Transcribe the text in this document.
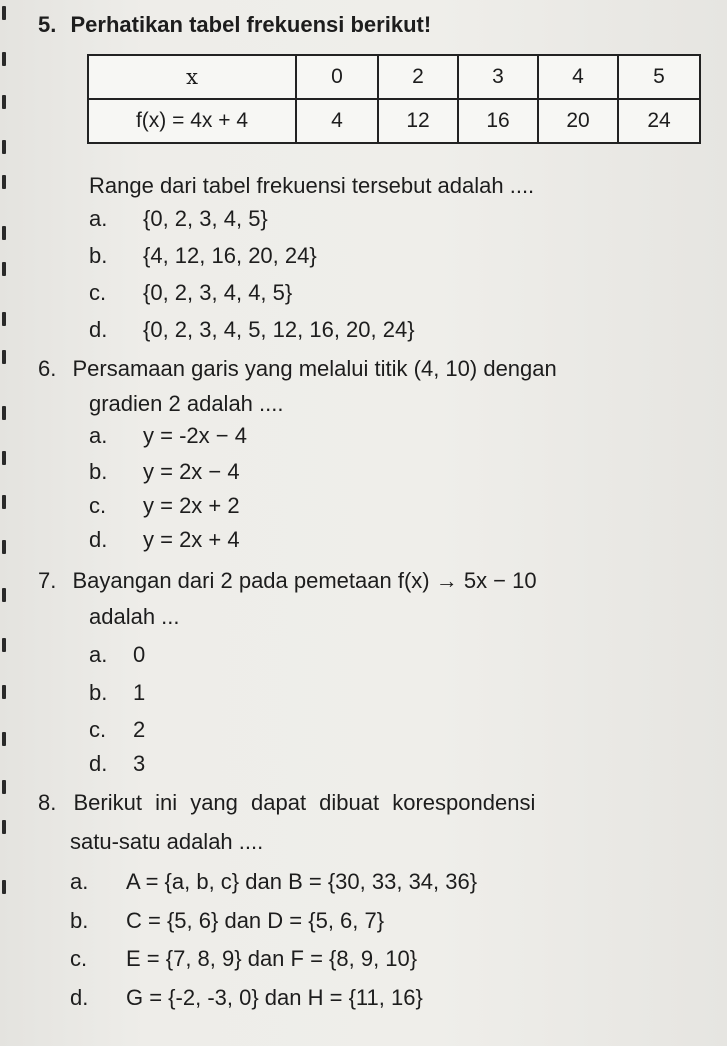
5. Perhatikan tabel frekuensi berikut!
x	0	2	3	4	5
f(x) = 4x + 4	4	12	16	20	24
Range dari tabel frekuensi tersebut adalah ....
a. {0, 2, 3, 4, 5}
b. {4, 12, 16, 20, 24}
c. {0, 2, 3, 4, 4, 5}
d. {0, 2, 3, 4, 5, 12, 16, 20, 24}
6. Persamaan garis yang melalui titik (4, 10) dengan
gradien 2 adalah ....
a. y = -2x − 4
b. y = 2x − 4
c. y = 2x + 2
d. y = 2x + 4
7. Bayangan dari 2 pada pemetaan f(x) → 5x − 10
adalah ...
a. 0
b. 1
c. 2
d. 3
8. Berikut ini yang dapat dibuat korespondensi
satu-satu adalah ....
a. A = {a, b, c} dan B = {30, 33, 34, 36}
b. C = {5, 6} dan D = {5, 6, 7}
c. E = {7, 8, 9} dan F = {8, 9, 10}
d. G = {-2, -3, 0} dan H = {11, 16}
